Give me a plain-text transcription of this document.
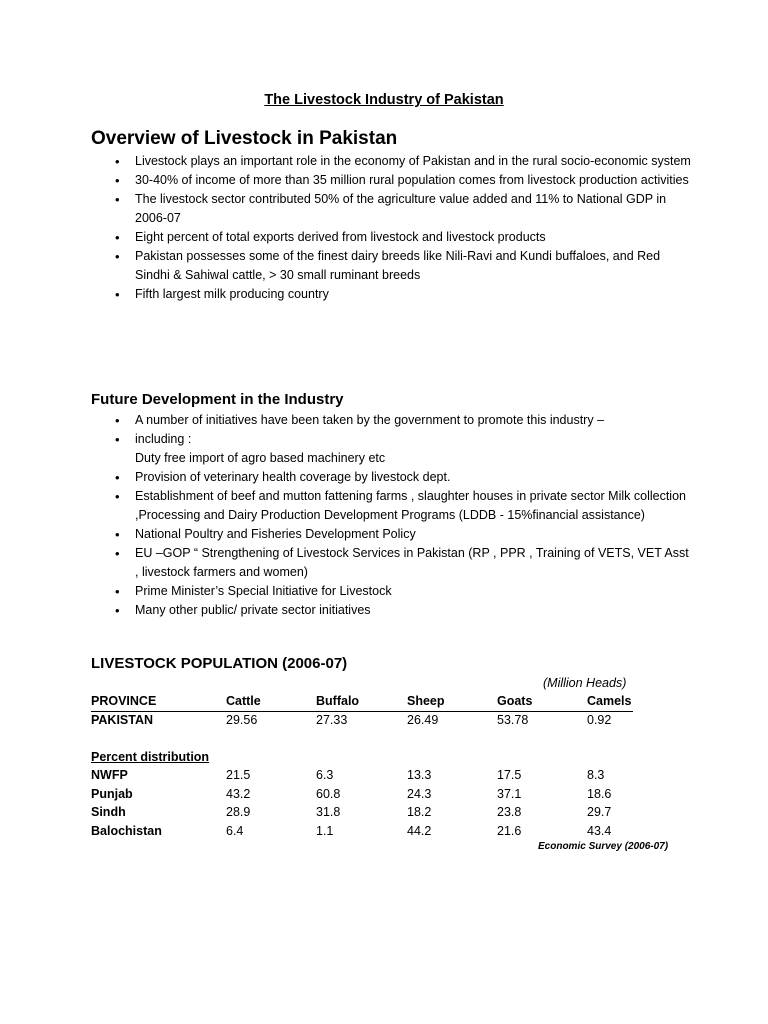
The Livestock Industry of Pakistan
Overview of Livestock in Pakistan
• Livestock plays an important role in the economy of Pakistan and in the rural socio-economic system
• 30-40% of income of more than 35 million rural population comes from livestock production activities
• The livestock sector contributed 50% of the agriculture value added and 11% to National GDP in 2006-07
• Eight percent of total exports derived from livestock and livestock products
• Pakistan possesses some of the finest dairy breeds like Nili-Ravi and Kundi buffaloes, and Red Sindhi & Sahiwal cattle, > 30 small ruminant breeds
• Fifth largest milk producing country
Future Development in the Industry
• A number of initiatives have been taken by the government to promote this industry –
• including :
Duty free import of agro based machinery etc
• Provision of veterinary health coverage by livestock dept.
• Establishment of beef and mutton fattening farms , slaughter houses in private sector Milk collection ,Processing and Dairy Production Development Programs (LDDB - 15%financial assistance)
• National Poultry and Fisheries Development Policy
• EU –GOP “ Strengthening of Livestock Services in Pakistan (RP , PPR , Training of VETS, VET Asst , livestock farmers and women)
• Prime Minister’s Special Initiative for Livestock
• Many other public/ private sector initiatives
LIVESTOCK POPULATION (2006-07)
(Million Heads)
PROVINCE	Cattle	Buffalo	Sheep	Goats	Camels
PAKISTAN	29.56	27.33	26.49	53.78	0.92
Percent distribution
NWFP	21.5	6.3	13.3	17.5	8.3
Punjab	43.2	60.8	24.3	37.1	18.6
Sindh	28.9	31.8	18.2	23.8	29.7
Balochistan	6.4	1.1	44.2	21.6	43.4
Economic Survey (2006-07)
